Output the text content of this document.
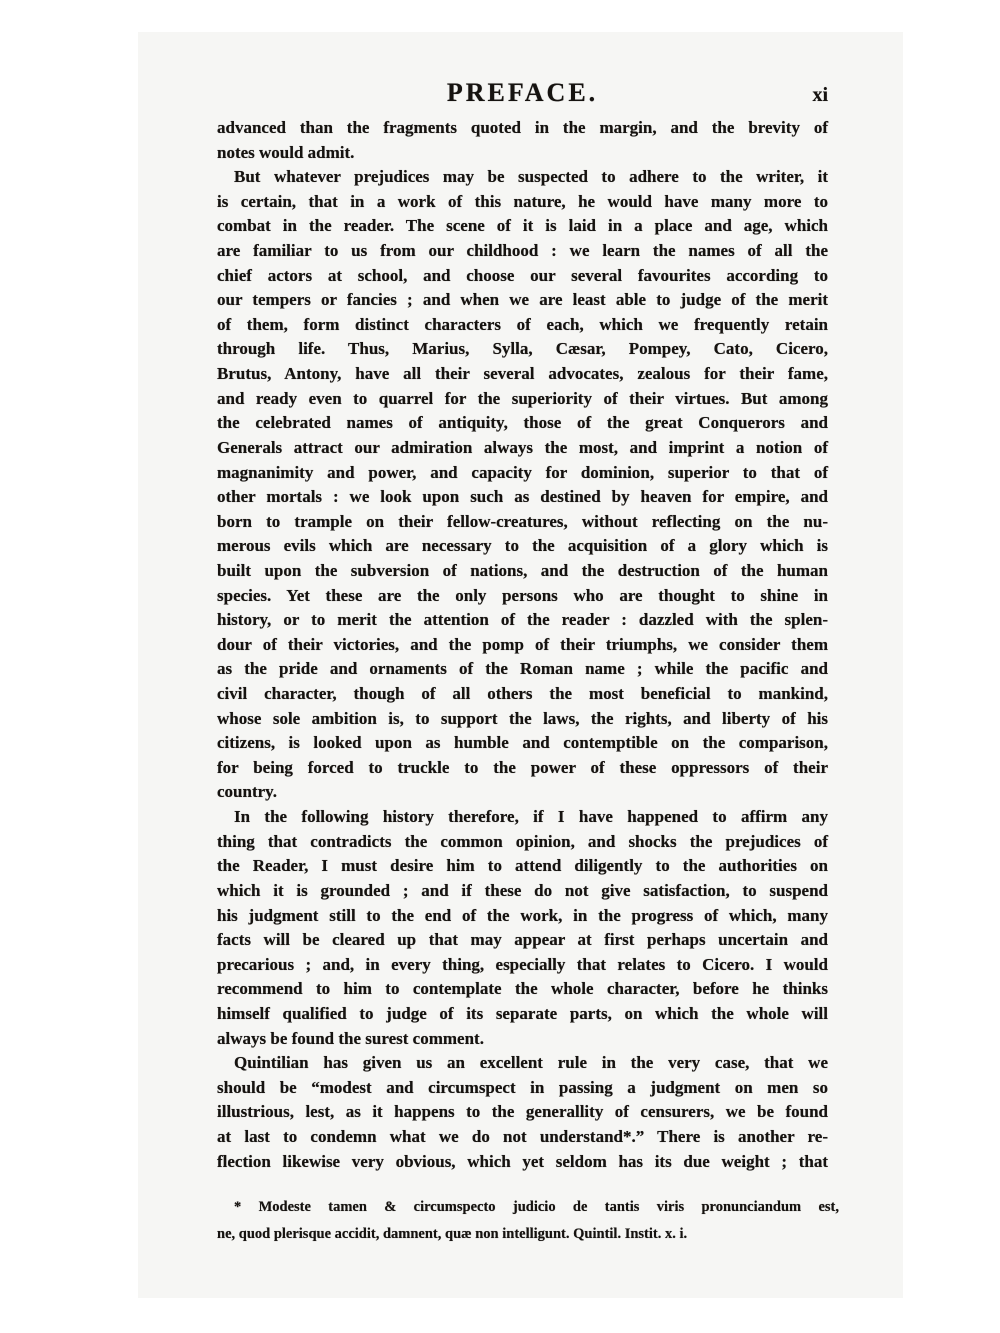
PREFACE.	xi
advanced than the fragments quoted in the margin, and the brevity of
notes would admit.
But whatever prejudices may be suspected to adhere to the writer, it
is certain, that in a work of this nature, he would have many more to
combat in the reader. The scene of it is laid in a place and age, which
are familiar to us from our childhood : we learn the names of all the
chief actors at school, and choose our several favourites according to
our tempers or fancies ; and when we are least able to judge of the merit
of them, form distinct characters of each, which we frequently retain
through life. Thus, Marius, Sylla, Cæsar, Pompey, Cato, Cicero,
Brutus, Antony, have all their several advocates, zealous for their fame,
and ready even to quarrel for the superiority of their virtues. But among
the celebrated names of antiquity, those of the great Conquerors and
Generals attract our admiration always the most, and imprint a notion of
magnanimity and power, and capacity for dominion, superior to that of
other mortals : we look upon such as destined by heaven for empire, and
born to trample on their fellow-creatures, without reflecting on the nu-
merous evils which are necessary to the acquisition of a glory which is
built upon the subversion of nations, and the destruction of the human
species. Yet these are the only persons who are thought to shine in
history, or to merit the attention of the reader : dazzled with the splen-
dour of their victories, and the pomp of their triumphs, we consider them
as the pride and ornaments of the Roman name ; while the pacific and
civil character, though of all others the most beneficial to mankind,
whose sole ambition is, to support the laws, the rights, and liberty of his
citizens, is looked upon as humble and contemptible on the comparison,
for being forced to truckle to the power of these oppressors of their
country.
In the following history therefore, if I have happened to affirm any
thing that contradicts the common opinion, and shocks the prejudices of
the Reader, I must desire him to attend diligently to the authorities on
which it is grounded ; and if these do not give satisfaction, to suspend
his judgment still to the end of the work, in the progress of which, many
facts will be cleared up that may appear at first perhaps uncertain and
precarious ; and, in every thing, especially that relates to Cicero. I would
recommend to him to contemplate the whole character, before he thinks
himself qualified to judge of its separate parts, on which the whole will
always be found the surest comment.
Quintilian has given us an excellent rule in the very case, that we
should be “modest and circumspect in passing a judgment on men so
illustrious, lest, as it happens to the generallity of censurers, we be found
at last to condemn what we do not understand*.” There is another re-
flection likewise very obvious, which yet seldom has its due weight ; that
* Modeste tamen & circumspecto judicio de tantis viris pronunciandum est,
ne, quod plerisque accidit, damnent, quæ non intelligunt. Quintil. Instit. x. i.
